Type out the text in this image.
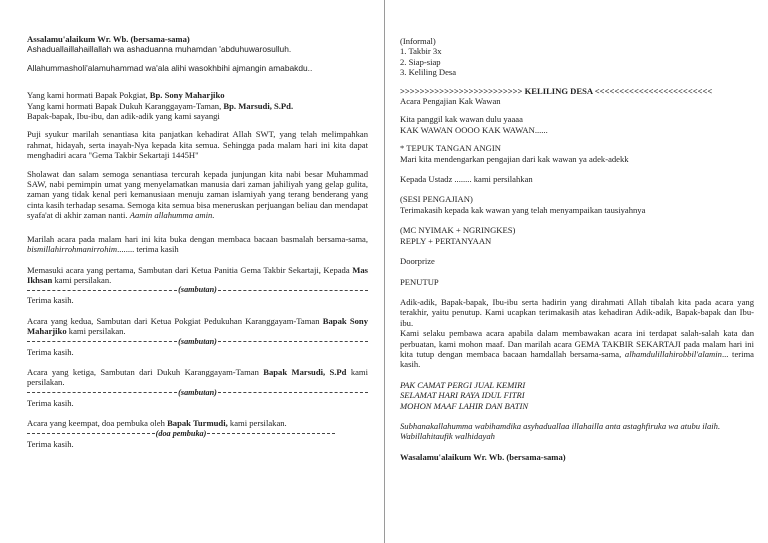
Assalamu'alaikum Wr. Wb. (bersama-sama)

Ashaduallaillahaillallah wa ashaduanna muhamdan 'abduhuwarosulluh.

Allahummasholi'alamuhammad wa'ala alihi wasokhbihi ajmangin amabakdu..

Yang kami hormati Bapak Pokgiat, Bp. Sony Maharjiko

Yang kami hormati Bapak Dukuh Karanggayam-Taman, Bp. Marsudi, S.Pd.

Bapak-bapak, Ibu-ibu, dan adik-adik yang kami sayangi

Puji syukur marilah senantiasa kita panjatkan kehadirat Allah SWT, yang telah melimpahkan rahmat, hidayah, serta inayah-Nya kepada kita semua. Sehingga pada malam hari ini kita dapat menghadiri acara "Gema Takbir Sekartaji 1445H"

Sholawat dan salam semoga senantiasa tercurah kepada junjungan kita nabi besar Muhammad SAW, nabi pemimpin umat yang menyelamatkan manusia dari zaman jahiliyah yang gelap gulita, zaman yang tidak kenal peri kemanusiaan menuju zaman islamiyah yang terang benderang yang cinta kasih terhadap sesama. Semoga kita semua bisa meneruskan perjuangan beliau dan mendapat syafa'at di akhir zaman nanti. Aamin allahumma amin.

Marilah acara pada malam hari ini kita buka dengan membaca bacaan basmalah bersama-sama, bismillahirrohmanirrohim........ terima kasih

Memasuki acara yang pertama, Sambutan dari Ketua Panitia Gema Takbir Sekartaji, Kepada Mas Ikhsan kami persilakan.

(sambutan)

Terima kasih.

Acara yang kedua, Sambutan dari Ketua Pokgiat Pedukuhan Karanggayam-Taman Bapak Sony Maharjiko kami persilakan.

(sambutan)

Terima kasih.

Acara yang ketiga, Sambutan dari Dukuh Karanggayam-Taman Bapak Marsudi, S.Pd kami persilakan.

(sambutan)

Terima kasih.

Acara yang keempat, doa pembuka oleh Bapak Turmudi, kami persilakan.

(doa pembuka)

Terima kasih.

(Informal)

1. Takbir 3x

2. Siap-siap

3. Keliling Desa

>>>>>>>>>>>>>>>>>>>>>>>>> KELILING DESA <<<<<<<<<<<<<<<<<<<<<<<<

Acara Pengajian Kak Wawan

Kita panggil kak wawan dulu yaaaa

KAK WAWAN OOOO KAK WAWAN......

* TEPUK TANGAN ANGIN

Mari kita mendengarkan pengajian dari kak wawan ya adek-adekk

Kepada Ustadz ........ kami persilahkan

(SESI PENGAJIAN)

Terimakasih kepada kak wawan yang telah menyampaikan tausiyahnya

(MC NYIMAK + NGRINGKES)

REPLY + PERTANYAAN

Doorprize

PENUTUP

Adik-adik, Bapak-bapak, Ibu-ibu serta hadirin yang dirahmati Allah tibalah kita pada acara yang terakhir, yaitu penutup. Kami ucapkan terimakasih atas kehadiran Adik-adik, Bapak-bapak dan Ibu-ibu.

Kami selaku pembawa acara apabila dalam membawakan acara ini terdapat salah-salah kata dan perbuatan, kami mohon maaf. Dan marilah acara GEMA TAKBIR SEKARTAJI pada malam hari ini kita tutup dengan membaca bacaan hamdallah bersama-sama, alhamdulillahirobbil'alamin... terima kasih.

PAK CAMAT PERGI JUAL KEMIRI

SELAMAT HARI RAYA IDUL FITRI

MOHON MAAF LAHIR DAN BATIN

Subhanakallahumma wabihamdika asyhaduallaa illahailla anta astaghfiruka wa atubu ilaih. Wabillahitaufik walhidayah

Wasalamu'alaikum Wr. Wb. (bersama-sama)
